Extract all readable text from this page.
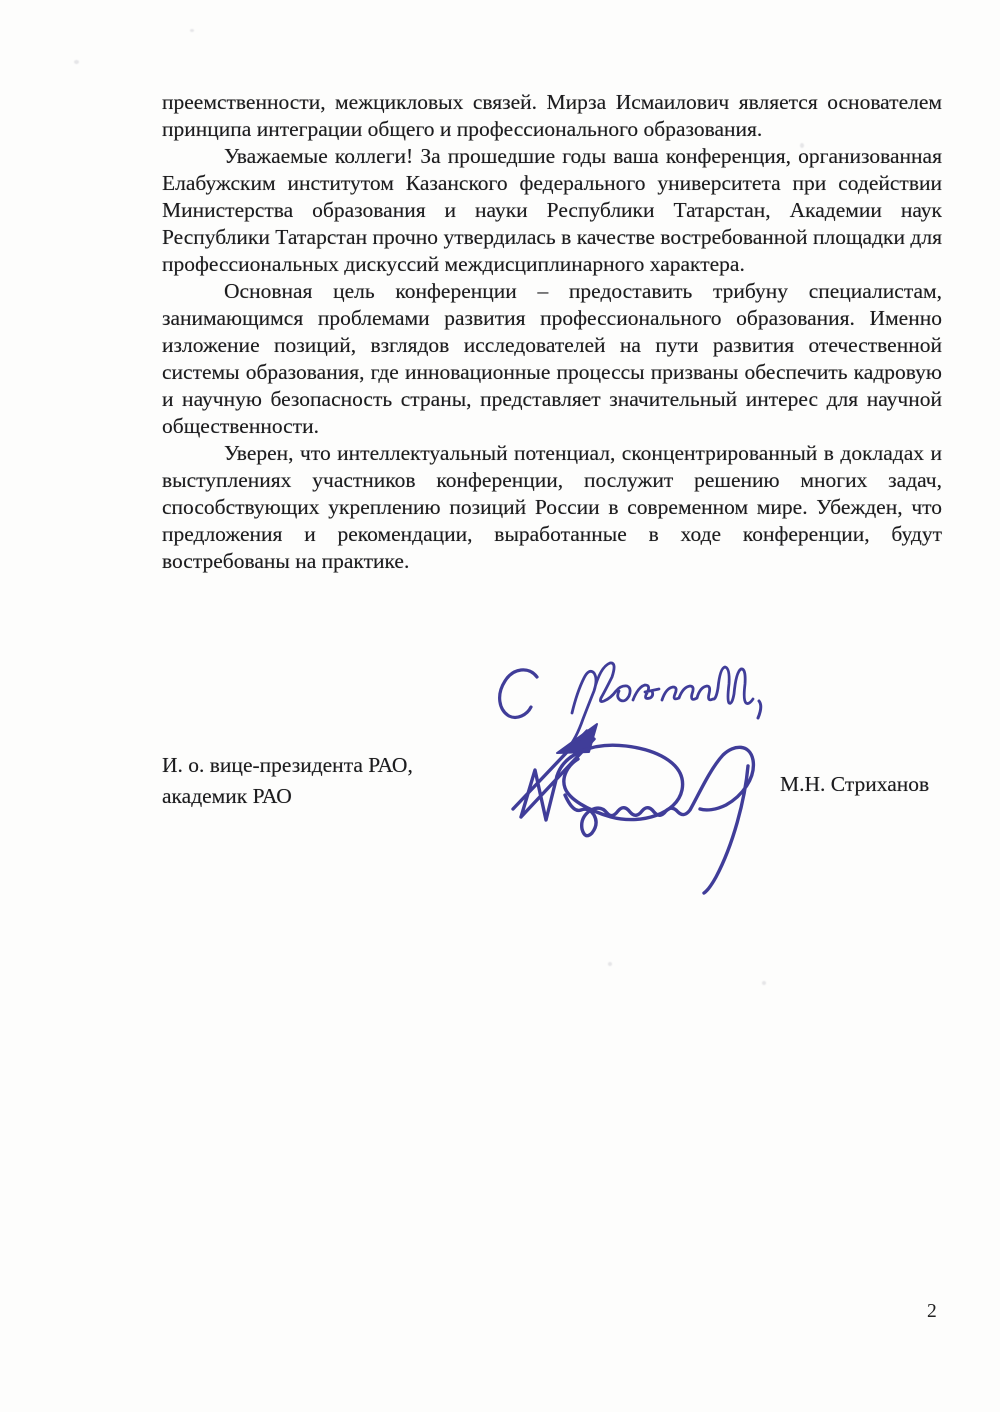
преемственности, межцикловых связей. Мирза Исмаилович является основателем принципа интеграции общего и профессионального образования.

Уважаемые коллеги! За прошедшие годы ваша конференция, организованная Елабужским институтом Казанского федерального университета при содействии Министерства образования и науки Республики Татарстан, Академии наук Республики Татарстан прочно утвердилась в качестве востребованной площадки для профессиональных дискуссий междисциплинарного характера.

Основная цель конференции – предоставить трибуну специалистам, занимающимся проблемами развития профессионального образования. Именно изложение позиций, взглядов исследователей на пути развития отечественной системы образования, где инновационные процессы призваны обеспечить кадровую и научную безопасность страны, представляет значительный интерес для научной общественности.

Уверен, что интеллектуальный потенциал, сконцентрированный в докладах и выступлениях участников конференции, послужит решению многих задач, способствующих укреплению позиций России в современном мире. Убежден, что предложения и рекомендации, выработанные в ходе конференции, будут востребованы на практике.

И. о. вице-президента РАО,
академик РАО	М.Н. Стриханов
2
